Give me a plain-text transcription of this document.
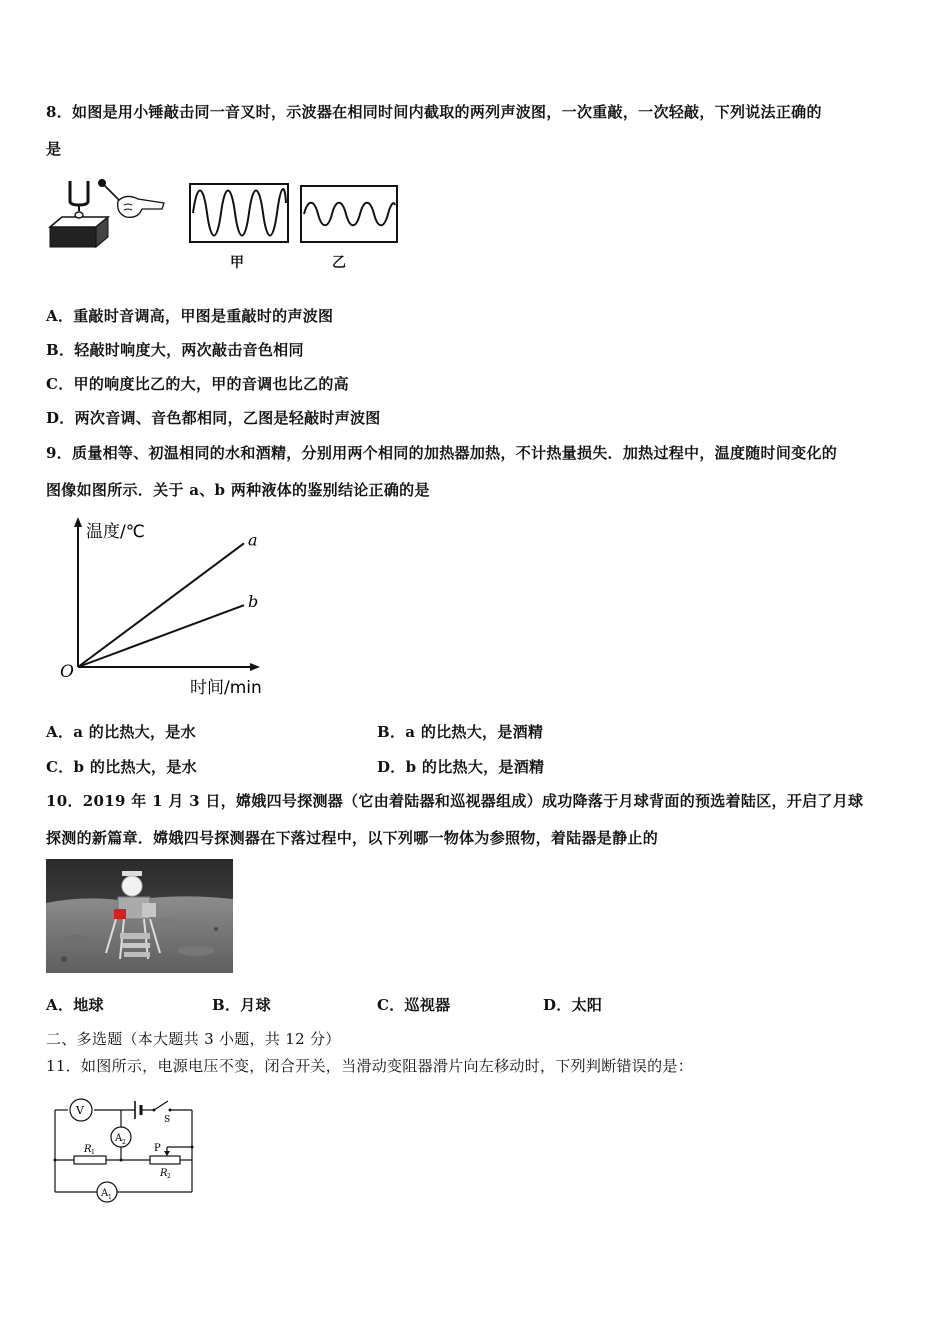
8．如图是用小锤敲击同一音叉时，示波器在相同时间内截取的两列声波图，一次重敲，一次轻敲，下列说法正确的
是
甲	乙
A．重敲时音调高，甲图是重敲时的声波图
B．轻敲时响度大，两次敲击音色相同
C．甲的响度比乙的大，甲的音调也比乙的高
D．两次音调、音色都相同，乙图是轻敲时声波图
9．质量相等、初温相同的水和酒精，分别用两个相同的加热器加热，不计热量损失．加热过程中，温度随时间变化的
图像如图所示．关于 a、b 两种液体的鉴别结论正确的是
温度/℃
时间/min
O
a
b
A．a 的比热大，是水	B．a 的比热大，是酒精
C．b 的比热大，是水	D．b 的比热大，是酒精
10．2019 年 1 月 3 日，嫦娥四号探测器（它由着陆器和巡视器组成）成功降落于月球背面的预选着陆区，开启了月球
探测的新篇章．嫦娥四号探测器在下落过程中，以下列哪一物体为参照物，着陆器是静止的
A．地球	B．月球	C．巡视器	D．太阳
二、多选题（本大题共 3 小题，共 12 分）
11．如图所示，电源电压不变，闭合开关，当滑动变阻器滑片向左移动时，下列判断错误的是：
S
V
A 2
R 1
R 2
P
A 1
